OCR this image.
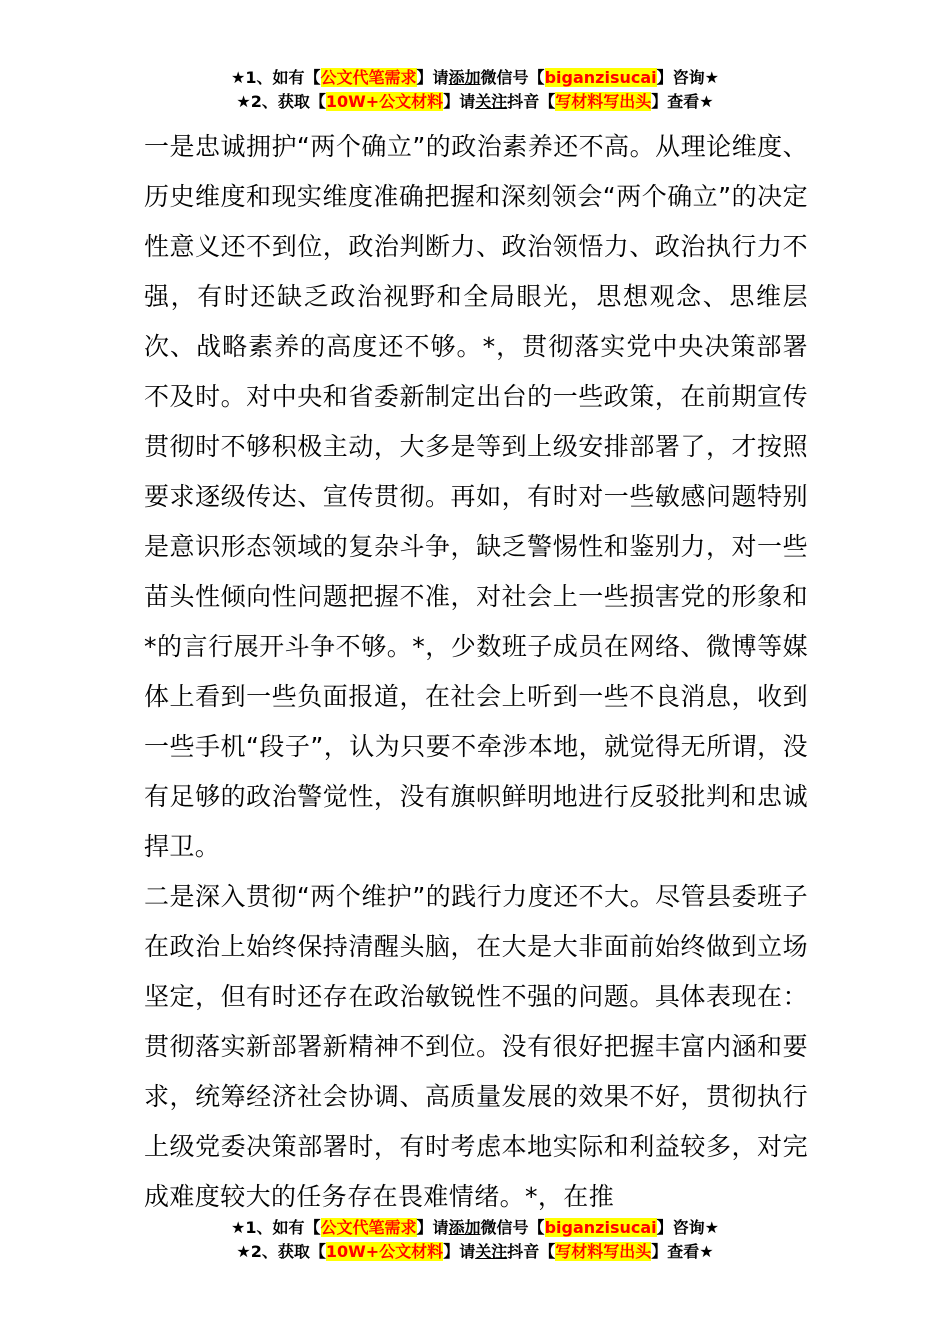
★1、如有【公文代笔需求】请添加微信号【biganzisucai】咨询★
★2、获取【10W+公文材料】请关注抖音【写材料写出头】查看★

一是忠诚拥护“两个确立”的政治素养还不高。从理论维度、历史维度和现实维度准确把握和深刻领会“两个确立”的决定性意义还不到位，政治判断力、政治领悟力、政治执行力不强，有时还缺乏政治视野和全局眼光，思想观念、思维层次、战略素养的高度还不够。*，贯彻落实党中央决策部署不及时。对中央和省委新制定出台的一些政策，在前期宣传贯彻时不够积极主动，大多是等到上级安排部署了，才按照要求逐级传达、宣传贯彻。再如，有时对一些敏感问题特别是意识形态领域的复杂斗争，缺乏警惕性和鉴别力，对一些苗头性倾向性问题把握不准，对社会上一些损害党的形象和*的言行展开斗争不够。*，少数班子成员在网络、微博等媒体上看到一些负面报道，在社会上听到一些不良消息，收到一些手机“段子”，认为只要不牵涉本地，就觉得无所谓，没有足够的政治警觉性，没有旗帜鲜明地进行反驳批判和忠诚捍卫。

二是深入贯彻“两个维护”的践行力度还不大。尽管县委班子在政治上始终保持清醒头脑，在大是大非面前始终做到立场坚定，但有时还存在政治敏锐性不强的问题。具体表现在：贯彻落实新部署新精神不到位。没有很好把握丰富内涵和要求，统筹经济社会协调、高质量发展的效果不好，贯彻执行上级党委决策部署时，有时考虑本地实际和利益较多，对完成难度较大的任务存在畏难情绪。*，在推

★1、如有【公文代笔需求】请添加微信号【biganzisucai】咨询★
★2、获取【10W+公文材料】请关注抖音【写材料写出头】查看★
